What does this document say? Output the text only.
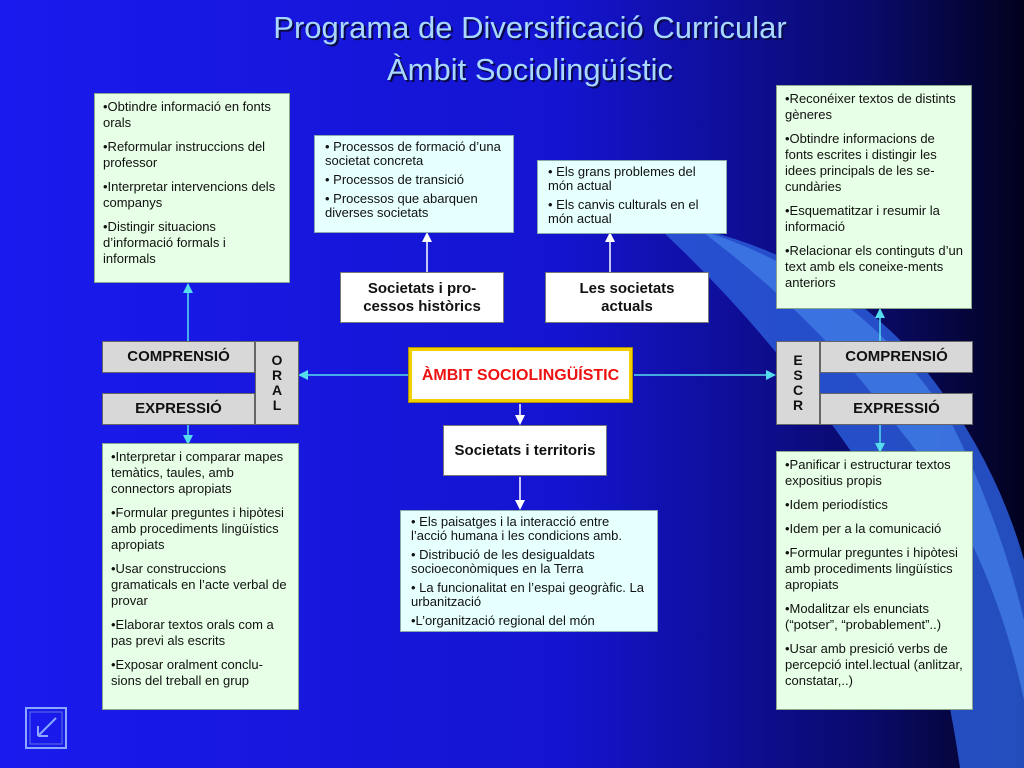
Programa de Diversificació Curricular
Àmbit Sociolingüístic

•Obtindre informació en fonts orals

•Reformular instruccions del professor

•Interpretar intervencions dels companys

•Distingir situacions d’informació formals i informals

• Processos de formació d’una societat concreta

• Processos de transició

• Processos que abarquen diverses societats

• Els grans problemes del món actual

• Els canvis culturals en el món actual

•Reconéixer textos de distints gèneres

•Obtindre informacions de fonts escrites i distingir les idees principals de les se-cundàries

•Esquematitzar i resumir la informació

•Relacionar els continguts d’un text amb els coneixe-ments anteriors

Societats i pro-cessos històrics
Les societats actuals
COMPRENSIÓ
EXPRESSIÓ
O
R
A
L
ÀMBIT SOCIOLINGÜÍSTIC
E
S
C
R
COMPRENSIÓ
EXPRESSIÓ
Societats i territoris

•Interpretar i comparar mapes temàtics, taules, amb connectors apropiats

•Formular preguntes i hipòtesi amb procediments lingüístics apropiats

•Usar construccions gramaticals en l’acte verbal de provar

•Elaborar textos orals com a pas previ als escrits

•Exposar oralment conclu-sions del treball en grup

• Els paisatges i la interacció entre l’acció humana i les condicions amb.

• Distribució de les desigualdats socioeconòmiques en la Terra

• La funcionalitat en l’espai geogràfic. La urbanització

•L’organització regional del món

•Panificar i estructurar textos expositius propis

•Idem periodístics

•Idem per a la comunicació

•Formular preguntes i hipòtesi amb procediments lingüístics apropiats

•Modalitzar els enunciats (“potser”, “probablement”..)

•Usar amb presició verbs de percepció intel.lectual (anlitzar, constatar,..)
